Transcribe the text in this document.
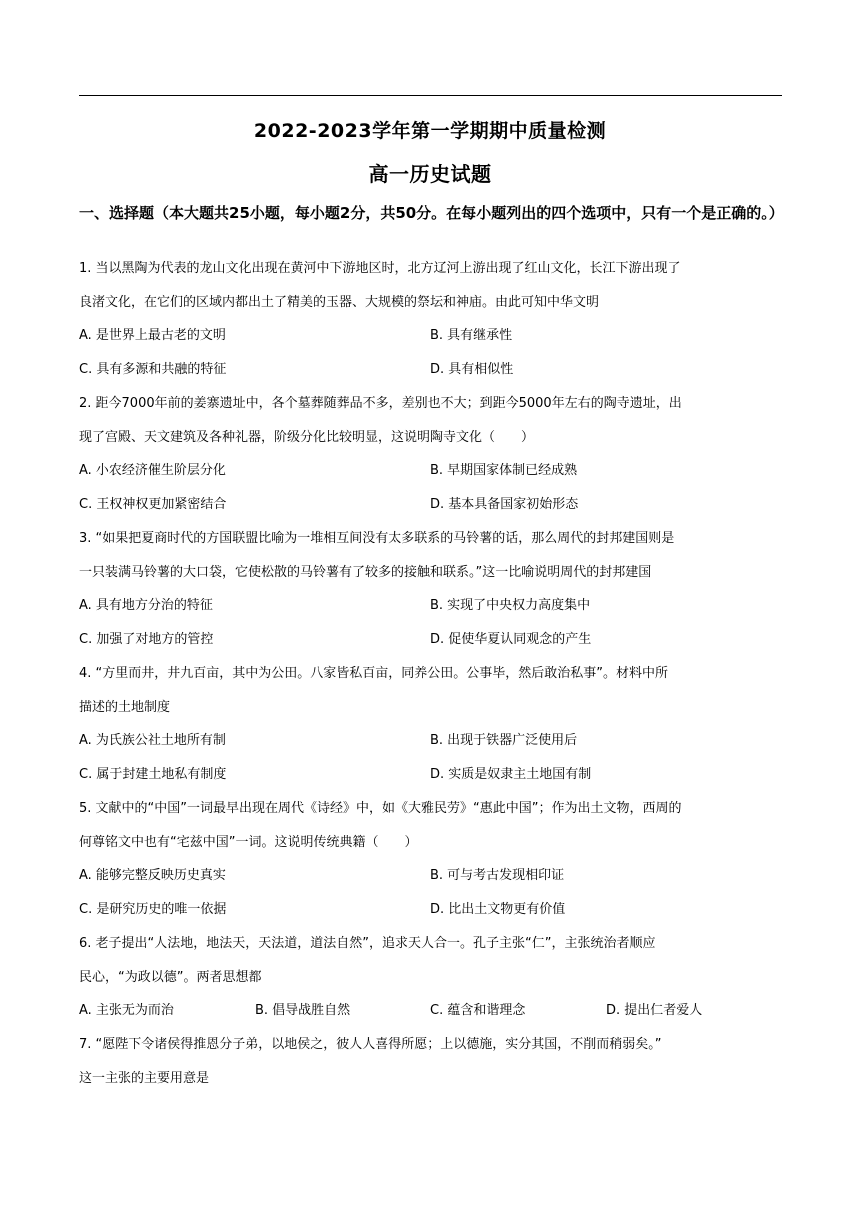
2022-2023学年第一学期期中质量检测
高一历史试题
一、选择题（本大题共25小题，每小题2分，共50分。在每小题列出的四个选项中，只有一个是正确的。）
1. 当以黑陶为代表的龙山文化出现在黄河中下游地区时，北方辽河上游出现了红山文化，长江下游出现了
良渚文化，在它们的区域内都出土了精美的玉器、大规模的祭坛和神庙。由此可知中华文明
A. 是世界上最古老的文明	B. 具有继承性
C. 具有多源和共融的特征	D. 具有相似性
2. 距今7000年前的姜寨遗址中，各个墓葬随葬品不多，差别也不大；到距今5000年左右的陶寺遗址，出
现了宫殿、天文建筑及各种礼器，阶级分化比较明显，这说明陶寺文化（　　）
A. 小农经济催生阶层分化	B. 早期国家体制已经成熟
C. 王权神权更加紧密结合	D. 基本具备国家初始形态
3. “如果把夏商时代的方国联盟比喻为一堆相互间没有太多联系的马铃薯的话，那么周代的封邦建国则是
一只装满马铃薯的大口袋，它使松散的马铃薯有了较多的接触和联系。”这一比喻说明周代的封邦建国
A. 具有地方分治的特征	B. 实现了中央权力高度集中
C. 加强了对地方的管控	D. 促使华夏认同观念的产生
4. “方里而井，井九百亩，其中为公田。八家皆私百亩，同养公田。公事毕，然后敢治私事”。材料中所
描述的土地制度
A. 为氏族公社土地所有制	B. 出现于铁器广泛使用后
C. 属于封建土地私有制度	D. 实质是奴隶主土地国有制
5. 文献中的“中国”一词最早出现在周代《诗经》中，如《大雅民劳》“惠此中国”；作为出土文物，西周的
何尊铭文中也有“宅兹中国”一词。这说明传统典籍（　　）
A. 能够完整反映历史真实	B. 可与考古发现相印证
C. 是研究历史的唯一依据	D. 比出土文物更有价值
6. 老子提出“人法地，地法天，天法道，道法自然”，追求天人合一。孔子主张“仁”，主张统治者顺应
民心，“为政以德”。两者思想都
A. 主张无为而治	B. 倡导战胜自然	C. 蕴含和谐理念	D. 提出仁者爱人
7. “愿陛下令诸侯得推恩分子弟，以地侯之，彼人人喜得所愿；上以德施，实分其国，不削而稍弱矣。”
这一主张的主要用意是
